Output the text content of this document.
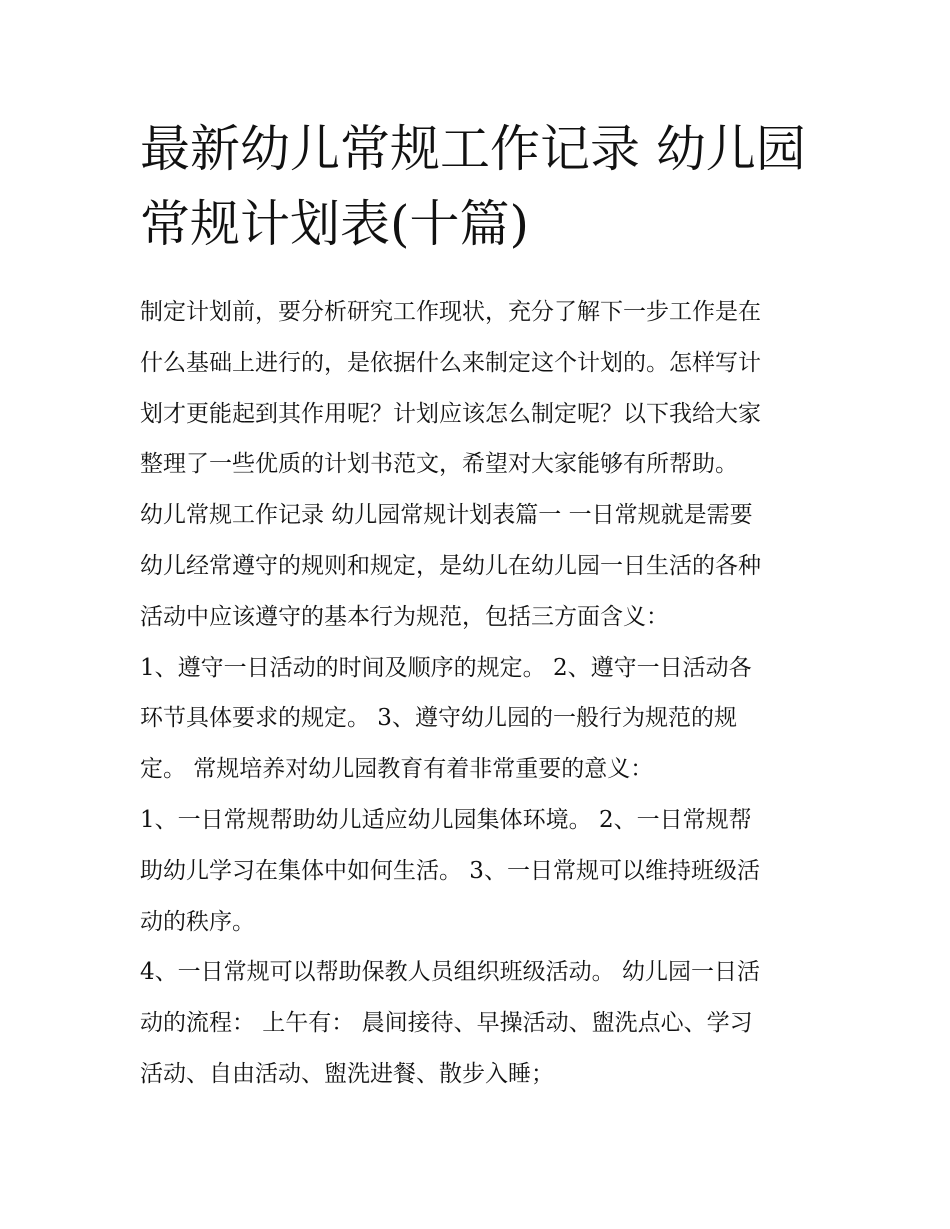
最新幼儿常规工作记录 幼儿园
常规计划表(十篇)
制定计划前，要分析研究工作现状，充分了解下一步工作是在
什么基础上进行的，是依据什么来制定这个计划的。怎样写计
划才更能起到其作用呢？计划应该怎么制定呢？以下我给大家
整理了一些优质的计划书范文，希望对大家能够有所帮助。
幼儿常规工作记录 幼儿园常规计划表篇一 一日常规就是需要
幼儿经常遵守的规则和规定，是幼儿在幼儿园一日生活的各种
活动中应该遵守的基本行为规范，包括三方面含义：
1、遵守一日活动的时间及顺序的规定。 2、遵守一日活动各
环节具体要求的规定。 3、遵守幼儿园的一般行为规范的规
定。 常规培养对幼儿园教育有着非常重要的意义：
1、一日常规帮助幼儿适应幼儿园集体环境。 2、一日常规帮
助幼儿学习在集体中如何生活。 3、一日常规可以维持班级活
动的秩序。
4、一日常规可以帮助保教人员组织班级活动。 幼儿园一日活
动的流程： 上午有： 晨间接待、早操活动、盥洗点心、学习
活动、自由活动、盥洗进餐、散步入睡；
